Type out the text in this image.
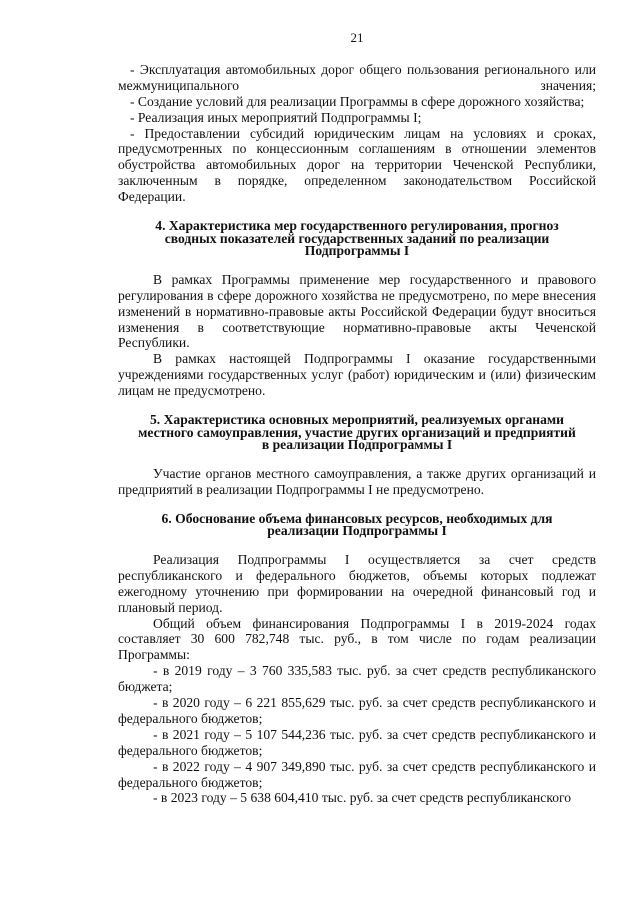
21

- Эксплуатация автомобильных дорог общего пользования регионального или межмуниципального значения;

- Создание условий для реализации Программы в сфере дорожного хозяйства;

- Реализация иных мероприятий Подпрограммы I;

- Предоставлении субсидий юридическим лицам на условиях и сроках, предусмотренных по концессионным соглашениям в отношении элементов обустройства автомобильных дорог на территории Чеченской Республики, заключенным в порядке, определенном законодательством Российской Федерации.

4. Характеристика мер государственного регулирования, прогноз
сводных показателей государственных заданий по реализации
Подпрограммы I

В рамках Программы применение мер государственного и правового регулирования в сфере дорожного хозяйства не предусмотрено, по мере внесения изменений в нормативно-правовые акты Российской Федерации будут вноситься изменения в соответствующие нормативно-правовые акты Чеченской Республики.

В рамках настоящей Подпрограммы I оказание государственными учреждениями государственных услуг (работ) юридическим и (или) физическим лицам не предусмотрено.

5. Характеристика основных мероприятий, реализуемых органами
местного самоуправления, участие других организаций и предприятий
в реализации Подпрограммы I

Участие органов местного самоуправления, а также других организаций и предприятий в реализации Подпрограммы I не предусмотрено.

6. Обоснование объема финансовых ресурсов, необходимых для
реализации Подпрограммы I

Реализация Подпрограммы I осуществляется за счет средств республиканского и федерального бюджетов, объемы которых подлежат ежегодному уточнению при формировании на очередной финансовый год и плановый период.

Общий объем финансирования Подпрограммы I в 2019-2024 годах составляет 30 600 782,748 тыс. руб., в том числе по годам реализации Программы:

- в 2019 году – 3 760 335,583 тыс. руб. за счет средств республиканского бюджета;

- в 2020 году – 6 221 855,629 тыс. руб. за счет средств республиканского и федерального бюджетов;

- в 2021 году – 5 107 544,236 тыс. руб. за счет средств республиканского и федерального бюджетов;

- в 2022 году – 4 907 349,890 тыс. руб. за счет средств республиканского и федерального бюджетов;

- в 2023 году – 5 638 604,410 тыс. руб. за счет средств республиканского
